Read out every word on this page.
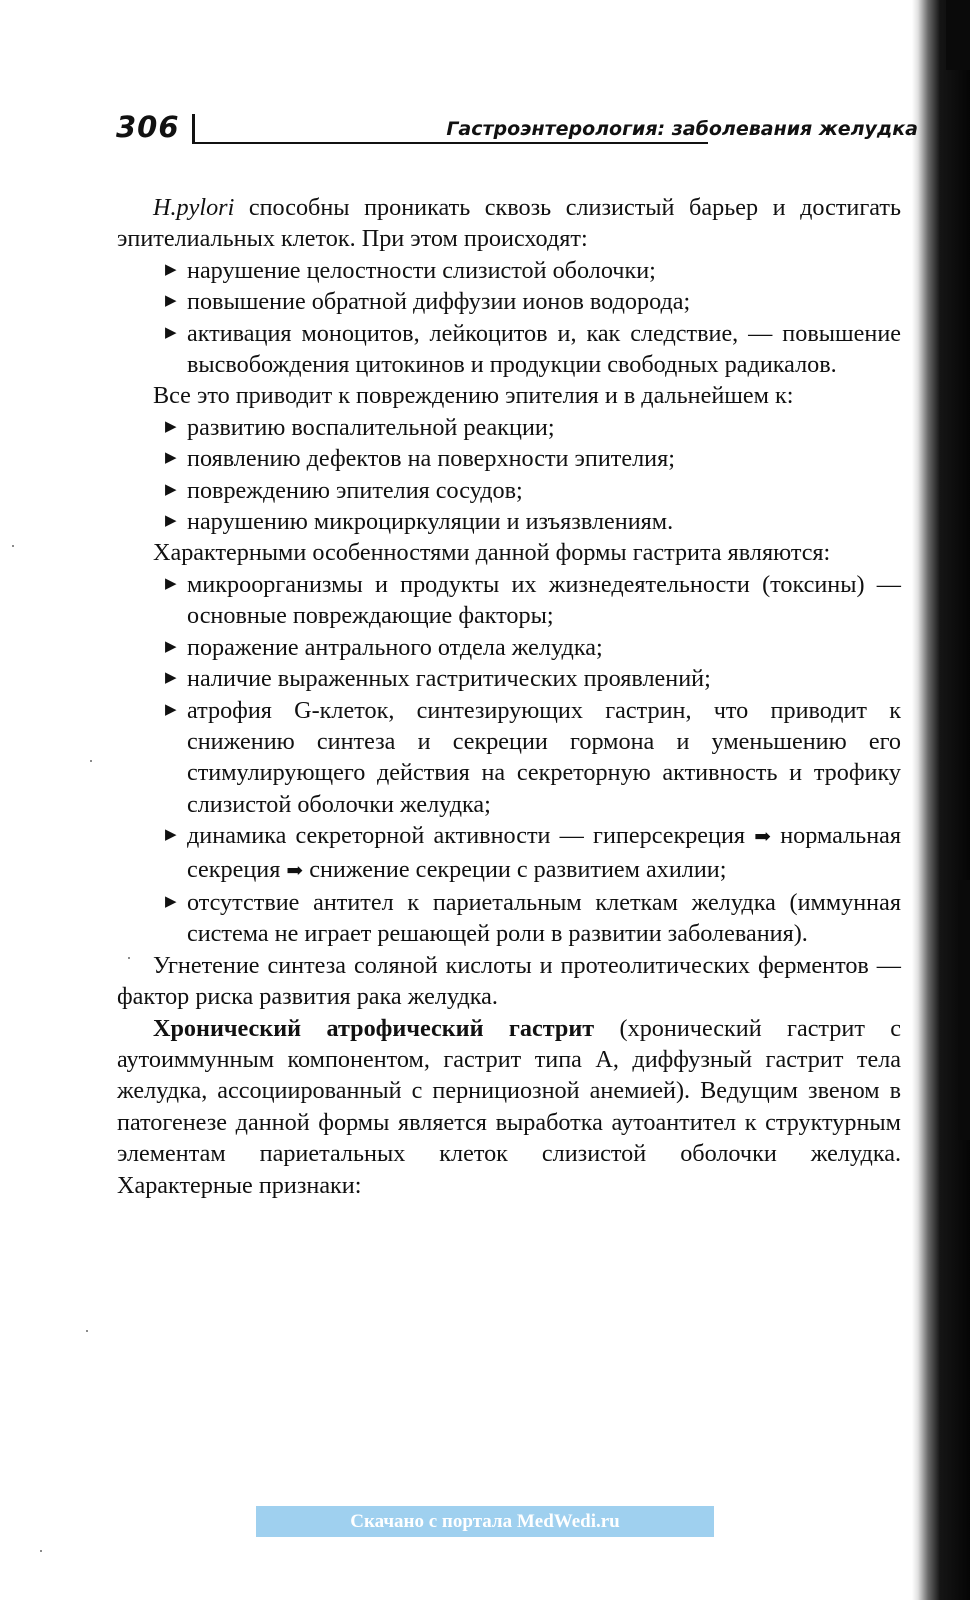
306	Гастроэнтерология: заболевания желудка

H.pylori способны проникать сквозь слизистый барьер и достигать эпителиальных клеток. При этом происходят:

▶ нарушение целостности слизистой оболочки;
▶ повышение обратной диффузии ионов водорода;
▶ активация моноцитов, лейкоцитов и, как следствие, — повышение высвобождения цитокинов и продукции свободных радикалов.

Все это приводит к повреждению эпителия и в дальнейшем к:

▶ развитию воспалительной реакции;
▶ появлению дефектов на поверхности эпителия;
▶ повреждению эпителия сосудов;
▶ нарушению микроциркуляции и изъязвлениям.

Характерными особенностями данной формы гастрита являются:

▶ микроорганизмы и продукты их жизнедеятельности (токсины) — основные повреждающие факторы;
▶ поражение антрального отдела желудка;
▶ наличие выраженных гастритических проявлений;
▶ атрофия G-клеток, синтезирующих гастрин, что приводит к снижению синтеза и секреции гормона и уменьшению его стимулирующего действия на секреторную активность и трофику слизистой оболочки желудка;
▶ динамика секреторной активности — гиперсекреция ➡ нормальная секреция ➡ снижение секреции с развитием ахилии;
▶ отсутствие антител к париетальным клеткам желудка (иммунная система не играет решающей роли в развитии заболевания).

Угнетение синтеза соляной кислоты и протеолитических ферментов — фактор риска развития рака желудка.

Хронический атрофический гастрит (хронический гастрит с аутоиммунным компонентом, гастрит типа А, диффузный гастрит тела желудка, ассоциированный с пернициозной анемией). Ведущим звеном в патогенезе данной формы является выработка аутоантител к структурным элементам париетальных клеток слизистой оболочки желудка. Характерные признаки:

Скачано с портала MedWedi.ru
